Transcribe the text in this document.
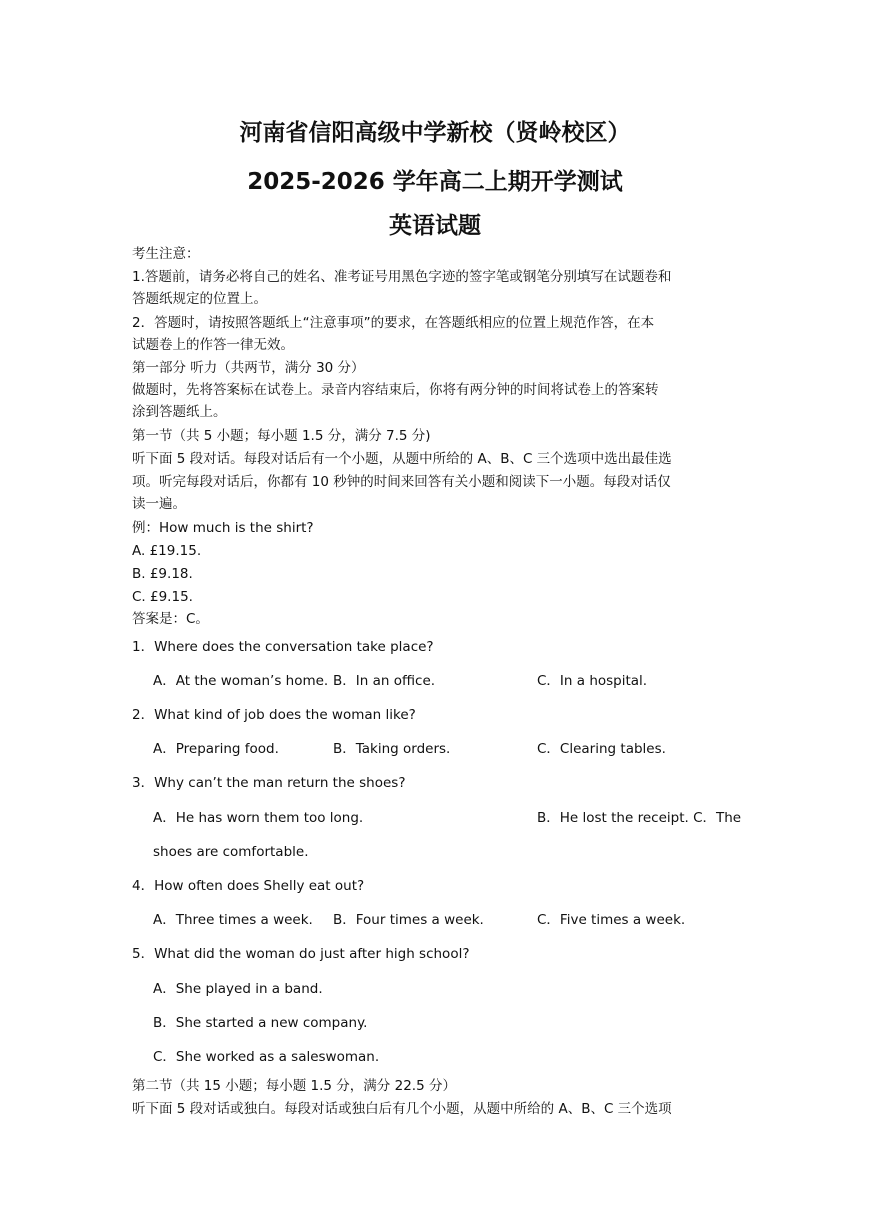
河南省信阳高级中学新校（贤岭校区）
2025-2026 学年高二上期开学测试
英语试题
考生注意：
1.答题前，请务必将自己的姓名、准考证号用黑色字迹的签字笔或钢笔分别填写在试题卷和
答题纸规定的位置上。
2．答题时，请按照答题纸上“注意事项”的要求，在答题纸相应的位置上规范作答，在本
试题卷上的作答一律无效。
第一部分 听力（共两节，满分 30 分）
做题时，先将答案标在试卷上。录音内容结束后，你将有两分钟的时间将试卷上的答案转
涂到答题纸上。
第一节（共 5 小题；每小题 1.5 分，满分 7.5 分)
听下面 5 段对话。每段对话后有一个小题，从题中所给的 A、B、C 三个选项中选出最佳选
项。听完每段对话后，你都有 10 秒钟的时间来回答有关小题和阅读下一小题。每段对话仅
读一遍。
例：How much is the shirt?
A. £19.15.
B. £9.18.
C. £9.15.
答案是：C。
1．Where does the conversation take place?
A．At the woman’s home. B．In an office.	C．In a hospital.
2．What kind of job does the woman like?
A．Preparing food.	B．Taking orders.	C．Clearing tables.
3．Why can’t the man return the shoes?
A．He has worn them too long.	B．He lost the receipt. C．The
shoes are comfortable.
4．How often does Shelly eat out?
A．Three times a week. B．Four times a week.	C．Five times a week.
5．What did the woman do just after high school?
A．She played in a band.
B．She started a new company.
C．She worked as a saleswoman.
第二节（共 15 小题；每小题 1.5 分，满分 22.5 分）
听下面 5 段对话或独白。每段对话或独白后有几个小题，从题中所给的 A、B、C 三个选项
